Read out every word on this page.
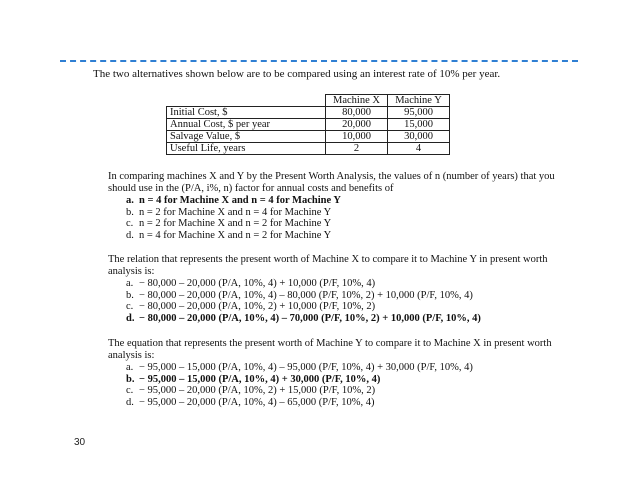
The two alternatives shown below are to be compared using an interest rate of 10% per year.

	Machine X	Machine Y
Initial Cost, $	80,000	95,000
Annual Cost, $ per year	20,000	15,000
Salvage Value, $	10,000	30,000
Useful Life, years	2	4

In comparing machines X and Y by the Present Worth Analysis, the values of n (number of years) that you should use in the (P/A, i%, n) factor for annual costs and benefits of

a. n = 4 for Machine X and n = 4 for Machine Y
b. n = 2 for Machine X and n = 4 for Machine Y
c. n = 2 for Machine X and n = 2 for Machine Y
d. n = 4 for Machine X and n = 2 for Machine Y

The relation that represents the present worth of Machine X to compare it to Machine Y in present worth analysis is:

a. − 80,000 – 20,000 (P/A, 10%, 4) + 10,000 (P/F, 10%, 4)
b. − 80,000 – 20,000 (P/A, 10%, 4) – 80,000 (P/F, 10%, 2) + 10,000 (P/F, 10%, 4)
c. − 80,000 – 20,000 (P/A, 10%, 2) + 10,000 (P/F, 10%, 2)
d. − 80,000 – 20,000 (P/A, 10%, 4) – 70,000 (P/F, 10%, 2) + 10,000 (P/F, 10%, 4)

The equation that represents the present worth of Machine Y to compare it to Machine X in present worth analysis is:

a. − 95,000 – 15,000 (P/A, 10%, 4) – 95,000 (P/F, 10%, 4) + 30,000 (P/F, 10%, 4)
b. − 95,000 – 15,000 (P/A, 10%, 4) + 30,000 (P/F, 10%, 4)
c. − 95,000 – 20,000 (P/A, 10%, 2) + 15,000 (P/F, 10%, 2)
d. − 95,000 – 20,000 (P/A, 10%, 4) – 65,000 (P/F, 10%, 4)
30
